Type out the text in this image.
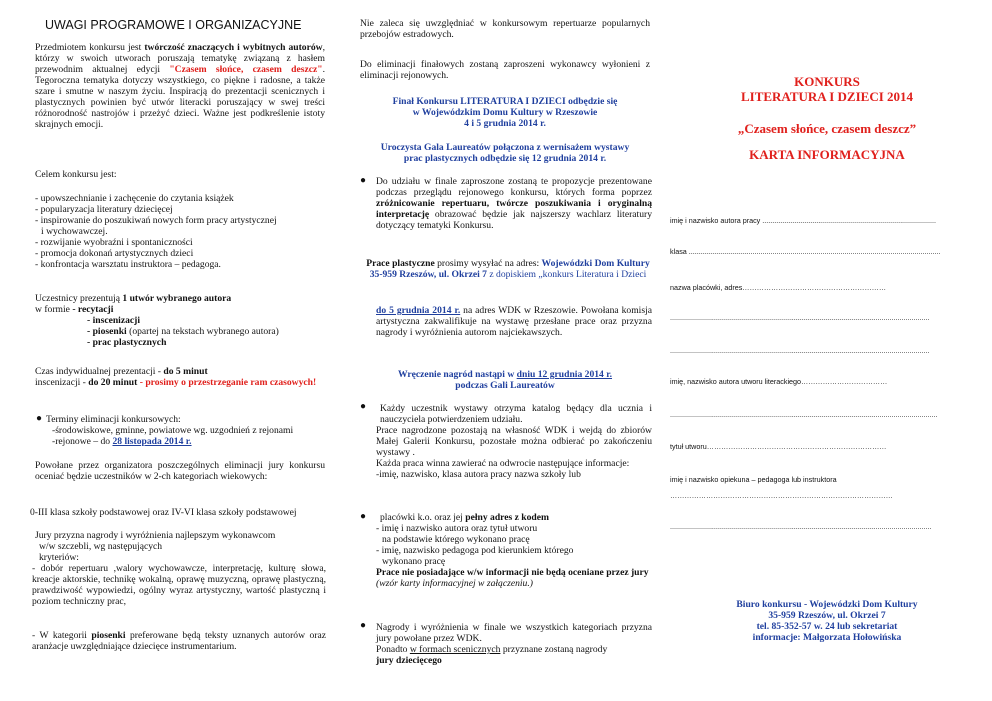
UWAGI PROGRAMOWE I ORGANIZACYJNE
Przedmiotem konkursu jest twórczość znaczących i wybitnych autorów, którzy w swoich utworach poruszają tematykę związaną z hasłem przewodnim aktualnej edycji "Czasem słońce, czasem deszcz". Tegoroczna tematyka dotyczy wszystkiego, co piękne i radosne, a także szare i smutne w naszym życiu. Inspiracją do prezentacji scenicznych i plastycznych powinien być utwór literacki poruszający w swej treści różnorodność nastrojów i przeżyć dzieci. Ważne jest podkreślenie istoty skrajnych emocji.
Celem konkursu jest:
- upowszechnianie i zachęcenie do czytania książek
- popularyzacja literatury dziecięcej
- inspirowanie do poszukiwań nowych form pracy artystycznej
i wychowawczej.
- rozwijanie wyobraźni i spontaniczności
- promocja dokonań artystycznych dzieci
- konfrontacja warsztatu instruktora – pedagoga.
Uczestnicy prezentują 1 utwór wybranego autora
w formie - recytacji
- inscenizacji
- piosenki (opartej na tekstach wybranego autora)
- prac plastycznych
Czas indywidualnej prezentacji - do 5 minut
inscenizacji - do 20 minut - prosimy o przestrzeganie ram czasowych!
● Terminy eliminacji konkursowych:
-środowiskowe, gminne, powiatowe wg. uzgodnień z rejonami
-rejonowe – do 28 listopada 2014 r.
Powołane przez organizatora poszczególnych eliminacji jury konkursu oceniać będzie uczestników w 2-ch kategoriach wiekowych:
0-III klasa szkoły podstawowej oraz IV-VI klasa szkoły podstawowej
Jury przyzna nagrody i wyróżnienia najlepszym wykonawcom
w/w szczebli, wg następujących
kryteriów:
- dobór repertuaru ,walory wychowawcze, interpretację, kulturę słowa, kreacje aktorskie, technikę wokalną, oprawę muzyczną, oprawę plastyczną, prawdziwość wypowiedzi, ogólny wyraz artystyczny, wartość plastyczną i poziom techniczny prac,
- W kategorii piosenki preferowane będą teksty uznanych autorów oraz aranżacje uwzględniające dziecięce instrumentarium.
Nie zaleca się uwzględniać w konkursowym repertuarze popularnych przebojów estradowych.
Do eliminacji finałowych zostaną zaproszeni wykonawcy wyłonieni z eliminacji rejonowych.
Finał Konkursu LITERATURA I DZIECI odbędzie się
w Wojewódzkim Domu Kultury w Rzeszowie
4 i 5 grudnia 2014 r.
Uroczysta Gala Laureatów połączona z wernisażem wystawy
prac plastycznych odbędzie się 12 grudnia 2014 r.
● Do udziału w finale zaproszone zostaną te propozycje prezentowane podczas przeglądu rejonowego konkursu, których forma poprzez zróżnicowanie repertuaru, twórcze poszukiwania i oryginalną interpretację obrazować będzie jak najszerszy wachlarz literatury dotyczący tematyki Konkursu.
Prace plastyczne prosimy wysyłać na adres: Wojewódzki Dom Kultury 35-959 Rzeszów, ul. Okrzei 7 z dopiskiem „konkurs Literatura i Dzieci
do 5 grudnia 2014 r. na adres WDK w Rzeszowie. Powołana komisja artystyczna zakwalifikuje na wystawę przesłane prace oraz przyzna nagrody i wyróżnienia autorom najciekawszych.
Wręczenie nagród nastąpi w dniu 12 grudnia 2014 r.
podczas Gali Laureatów
●	Każdy uczestnik wystawy otrzyma katalog będący dla ucznia i nauczyciela potwierdzeniem udziału.
Prace nagrodzone pozostają na własność WDK i wejdą do zbiorów Małej Galerii Konkursu, pozostałe można odbierać po zakończeniu wystawy .
Każda praca winna zawierać na odwrocie następujące informacje:
-imię, nazwisko, klasa autora pracy nazwa szkoły lub
●	placówki k.o. oraz jej pełny adres z kodem
- imię i nazwisko autora oraz tytuł utworu
na podstawie którego wykonano pracę
- imię, nazwisko pedagoga pod kierunkiem którego
wykonano pracę
Prace nie posiadające w/w informacji nie będą oceniane przez jury
(wzór karty informacyjnej w załączeniu.)
● Nagrody i wyróżnienia w finale we wszystkich kategoriach przyzna jury powołane przez WDK.
Ponadto w formach scenicznych przyznane zostaną nagrody
jury dziecięcego
KONKURS
LITERATURA I DZIECI 2014
„Czasem słońce, czasem deszcz”
KARTA INFORMACYJNA
imię i nazwisko autora pracy .......................................................................................
klasa ..............................................................................................................................
nazwa placówki, adres……………………………………………………
..................................................................................................................................
..................................................................................................................................
imię, nazwisko autora utworu literackiego………………………………
......................................................................................................................................
tytuł utworu…………………………………………………………………
imię i nazwisko opiekuna – pedagoga lub instruktora
…………………………………………………………………………………
...................................................................................................................................
Biuro konkursu - Wojewódzki Dom Kultury
35-959 Rzeszów, ul. Okrzei 7
tel. 85-352-57 w. 24 lub sekretariat
informacje: Małgorzata Hołowińska
